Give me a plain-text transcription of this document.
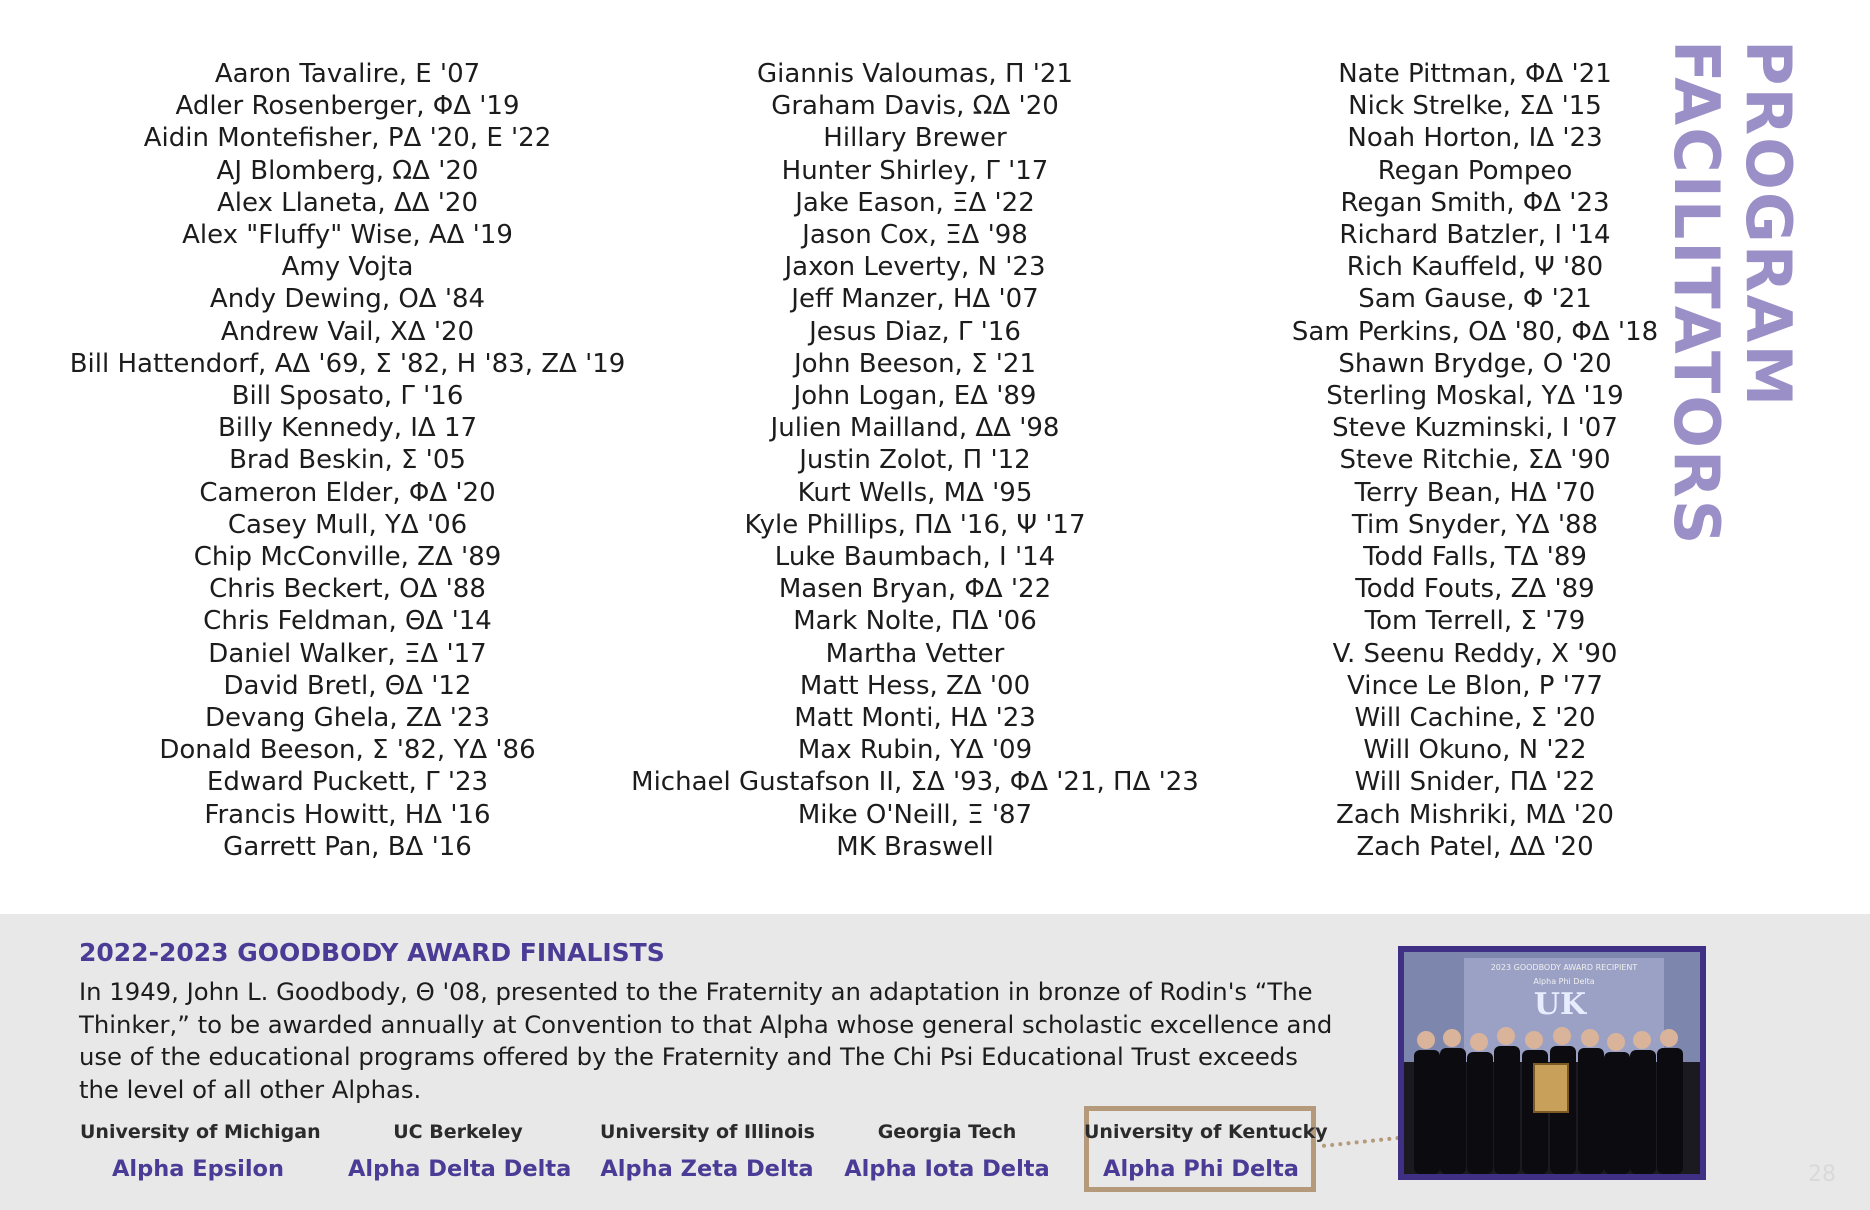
Aaron Tavalire, Ε '07
Adler Rosenberger, ΦΔ '19
Aidin Montefisher, ΡΔ '20, Ε '22
AJ Blomberg, ΩΔ '20
Alex Llaneta, ΔΔ '20
Alex "Fluffy" Wise, ΑΔ '19
Amy Vojta
Andy Dewing, ΟΔ '84
Andrew Vail, ΧΔ '20
Bill Hattendorf, ΑΔ '69, Σ '82, Η '83, ΖΔ '19
Bill Sposato, Γ '16
Billy Kennedy, ΙΔ 17
Brad Beskin, Σ '05
Cameron Elder, ΦΔ '20
Casey Mull, ΥΔ '06
Chip McConville, ΖΔ '89
Chris Beckert, ΟΔ '88
Chris Feldman, ΘΔ '14
Daniel Walker, ΞΔ '17
David Bretl, ΘΔ '12
Devang Ghela, ΖΔ '23
Donald Beeson, Σ '82, ΥΔ '86
Edward Puckett, Γ '23
Francis Howitt, ΗΔ '16
Garrett Pan, ΒΔ '16
Giannis Valoumas, Π '21
Graham Davis, ΩΔ '20
Hillary Brewer
Hunter Shirley, Γ '17
Jake Eason, ΞΔ '22
Jason Cox, ΞΔ '98
Jaxon Leverty, Ν '23
Jeff Manzer, ΗΔ '07
Jesus Diaz, Γ '16
John Beeson, Σ '21
John Logan, ΕΔ '89
Julien Mailland, ΔΔ '98
Justin Zolot, Π '12
Kurt Wells, ΜΔ '95
Kyle Phillips, ΠΔ '16, Ψ '17
Luke Baumbach, Ι '14
Masen Bryan, ΦΔ '22
Mark Nolte, ΠΔ '06
Martha Vetter
Matt Hess, ΖΔ '00
Matt Monti, ΗΔ '23
Max Rubin, ΥΔ '09
Michael Gustafson II, ΣΔ '93, ΦΔ '21, ΠΔ '23
Mike O'Neill, Ξ '87
MK Braswell
Nate Pittman, ΦΔ '21
Nick Strelke, ΣΔ '15
Noah Horton, ΙΔ '23
Regan Pompeo
Regan Smith, ΦΔ '23
Richard Batzler, Ι '14
Rich Kauffeld, Ψ '80
Sam Gause, Φ '21
Sam Perkins, ΟΔ '80, ΦΔ '18
Shawn Brydge, Ο '20
Sterling Moskal, ΥΔ '19
Steve Kuzminski, Ι '07
Steve Ritchie, ΣΔ '90
Terry Bean, ΗΔ '70
Tim Snyder, ΥΔ '88
Todd Falls, ΤΔ '89
Todd Fouts, ΖΔ '89
Tom Terrell, Σ '79
V. Seenu Reddy, Χ '90
Vince Le Blon, Ρ '77
Will Cachine, Σ '20
Will Okuno, Ν '22
Will Snider, ΠΔ '22
Zach Mishriki, ΜΔ '20
Zach Patel, ΔΔ '20
PROGRAM FACILITATORS
2022-2023 GOODBODY AWARD FINALISTS
In 1949, John L. Goodbody, Θ '08, presented to the Fraternity an adaptation in bronze of Rodin's “The Thinker,” to be awarded annually at Convention to that Alpha whose general scholastic excellence and use of the educational programs offered by the Fraternity and The Chi Psi Educational Trust exceeds the level of all other Alphas.
University of Michigan
Alpha Epsilon
UC Berkeley
Alpha Delta Delta
University of Illinois
Alpha Zeta Delta
Georgia Tech
Alpha Iota Delta
University of Kentucky
Alpha Phi Delta
2023 GOODBODY AWARD RECIPIENT
Alpha Phi Delta
UK
28
